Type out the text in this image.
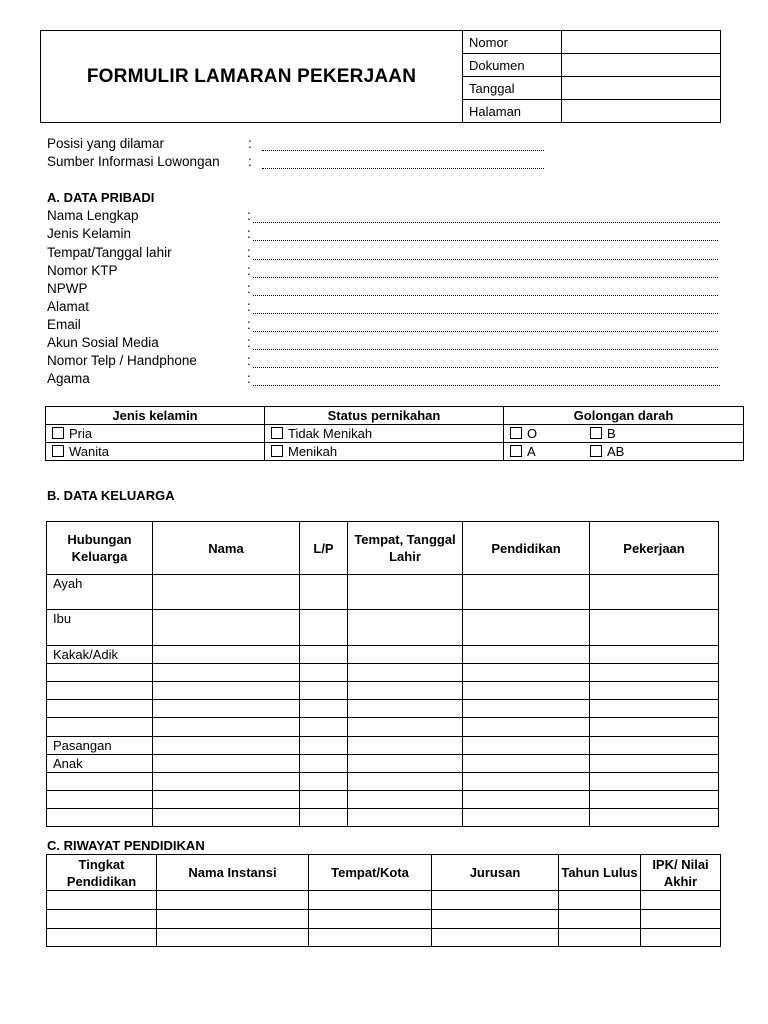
FORMULIR LAMARAN PEKERJAAN	Nomor	
	Dokumen	
	Tanggal	
	Halaman	
Posisi yang dilamar	:
Sumber Informasi Lowongan :
A. DATA PRIBADI
Nama Lengkap	:
Jenis Kelamin	:
Tempat/Tanggal lahir	:
Nomor KTP	:
NPWP	:
Alamat	:
Email	:
Akun Sosial Media	:
Nomor Telp / Handphone	:
Agama	:
Jenis kelamin	Status pernikahan	Golongan darah
Pria	Tidak Menikah	O B
Wanita	Menikah	A AB
B. DATA KELUARGA
Hubungan Keluarga	Nama	L/P	Tempat, Tanggal Lahir	Pendidikan	Pekerjaan
Ayah					
Ibu					
Kakak/Adik					

Pasangan					
Anak					

C. RIWAYAT PENDIDIKAN
Tingkat Pendidikan	Nama Instansi	Tempat/Kota	Jurusan	Tahun Lulus	IPK/ Nilai Akhir
